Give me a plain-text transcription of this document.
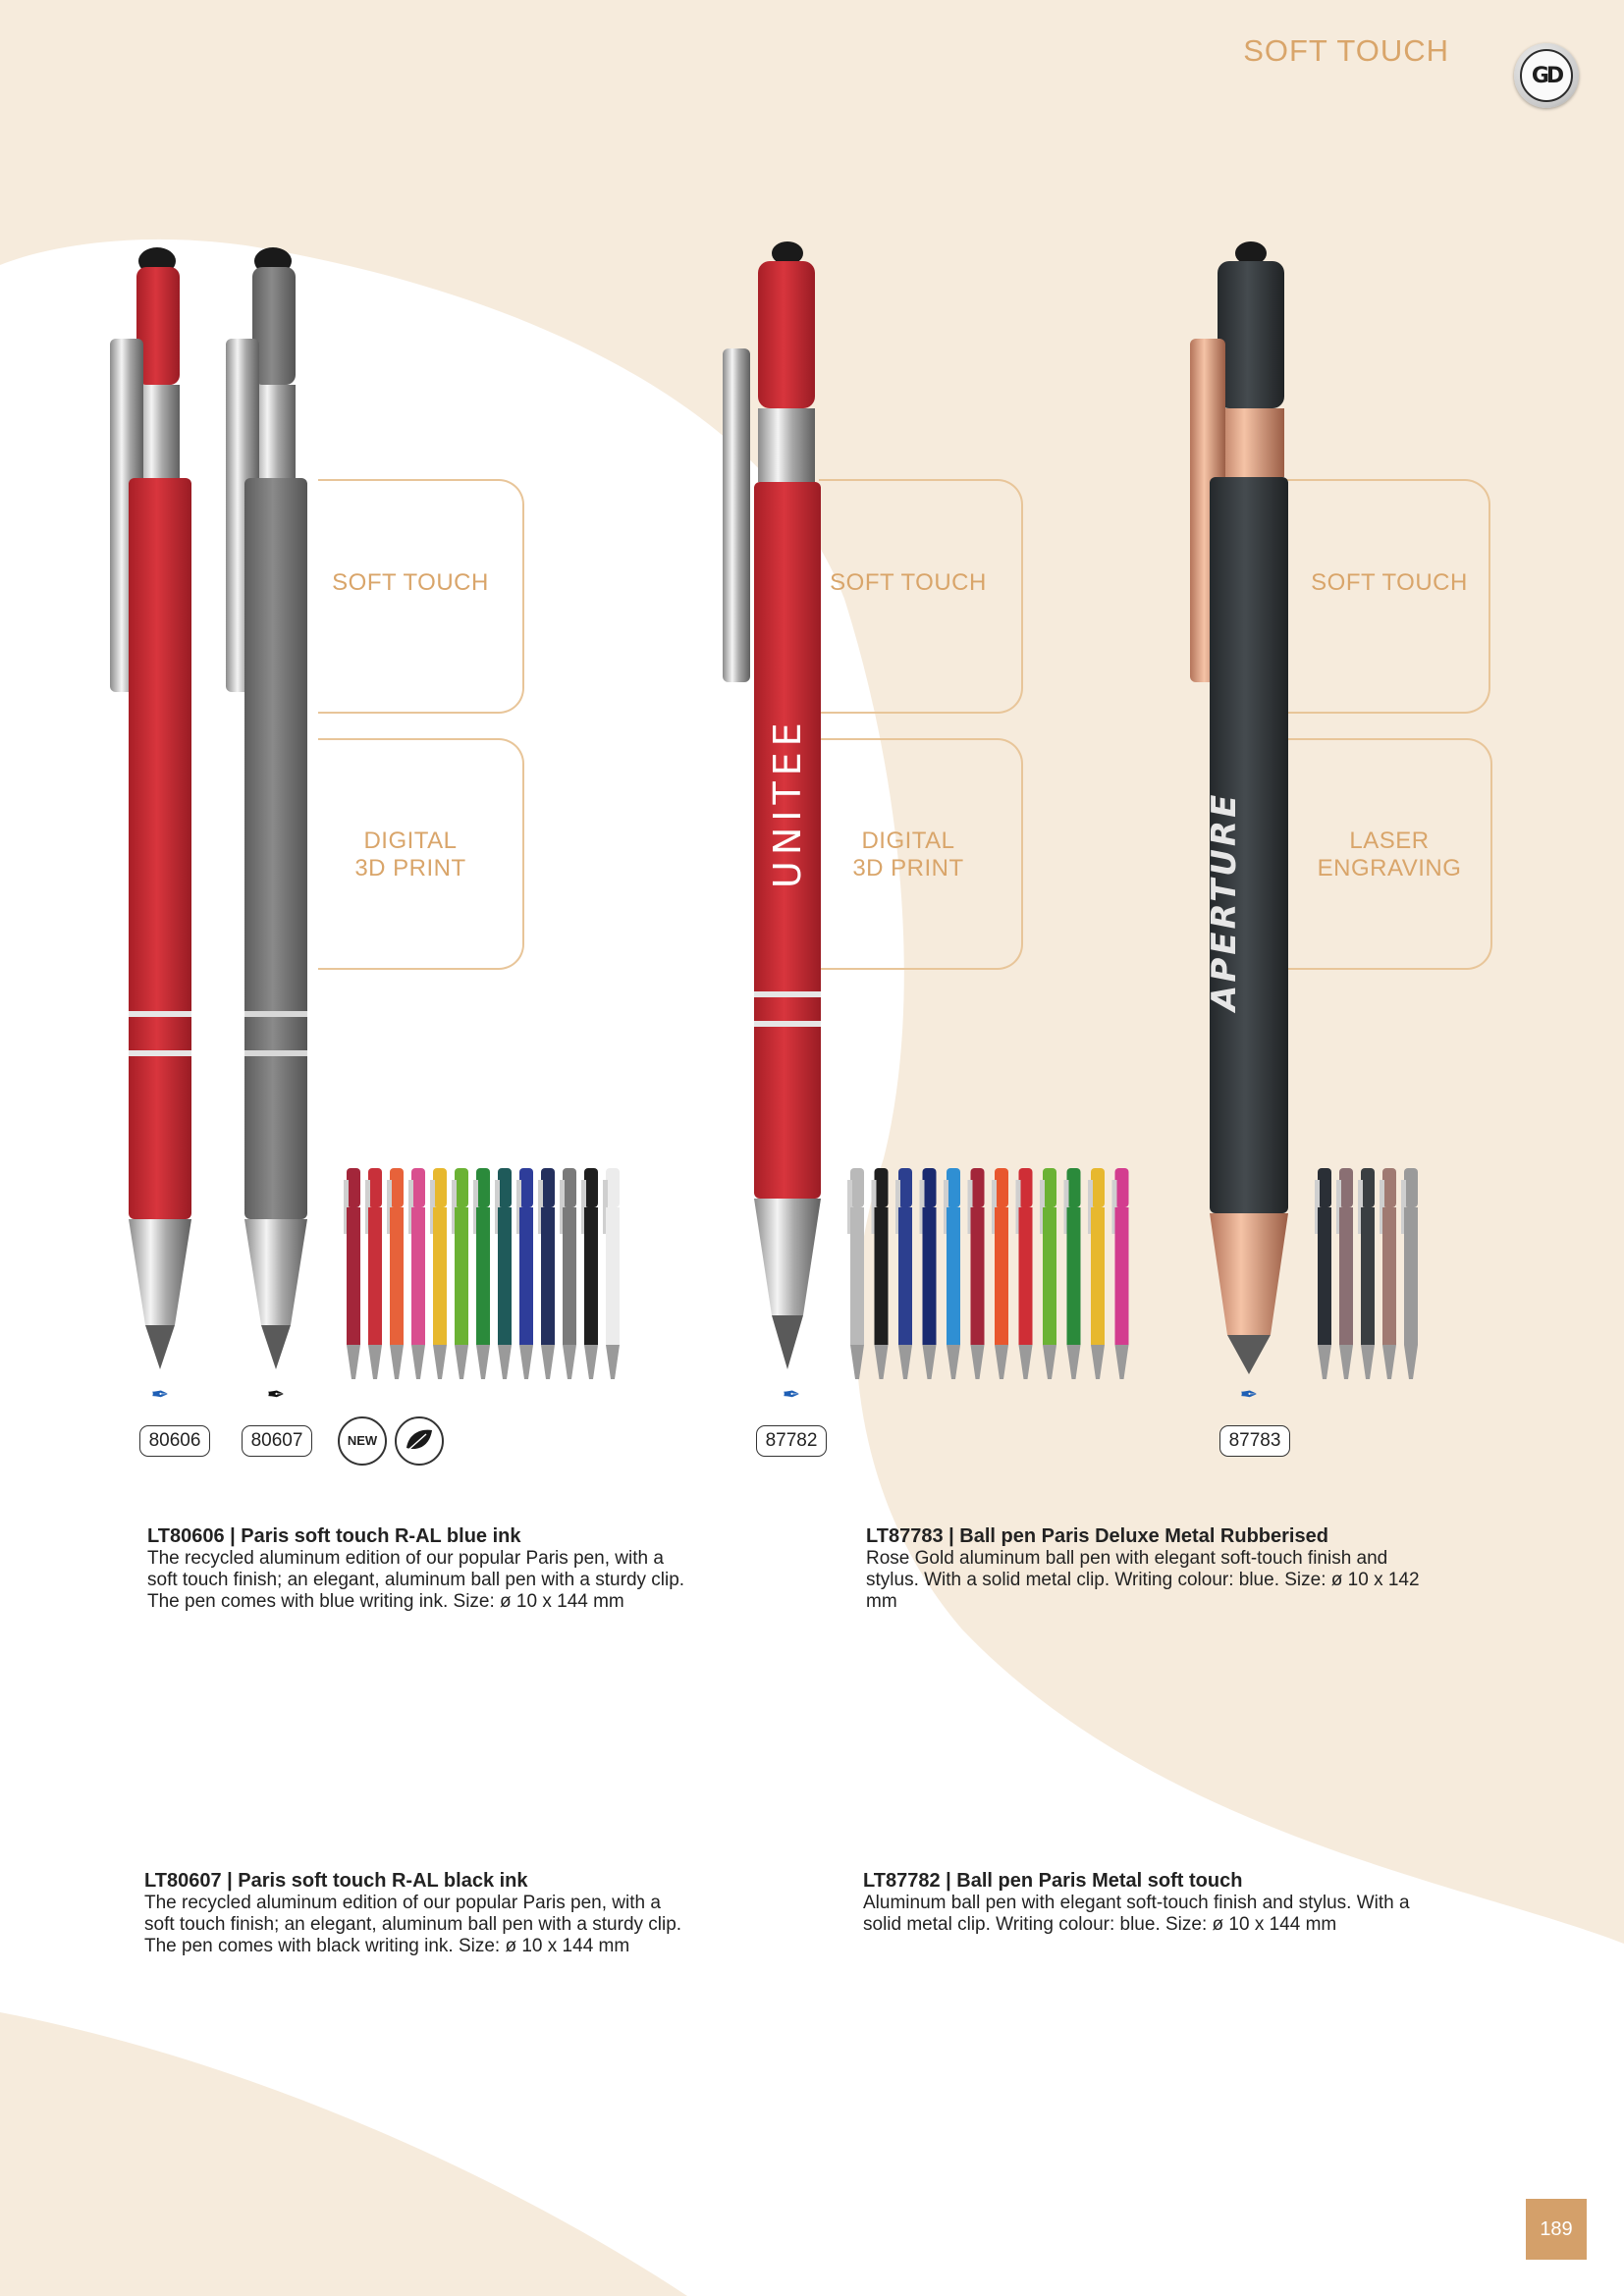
SOFT TOUCH
GD
SOFT TOUCH
DIGITAL
3D PRINT
SOFT TOUCH
DIGITAL
3D PRINT
SOFT TOUCH
LASER
ENGRAVING
✒	✒	✒
UNITEE
✒
APERTURE
80606	80607	NEW	87782	87783
LT80606 | Paris soft touch R-AL blue ink
The recycled aluminum edition of our popular Paris pen, with a
soft touch finish; an elegant, aluminum ball pen with a sturdy clip.
The pen comes with blue writing ink. Size: ø 10 x 144 mm
LT87783 | Ball pen Paris Deluxe Metal Rubberised
Rose Gold aluminum ball pen with elegant soft-touch finish and
stylus. With a solid metal clip. Writing colour: blue. Size: ø 10 x 142
mm
LT80607 | Paris soft touch R-AL black ink
The recycled aluminum edition of our popular Paris pen, with a
soft touch finish; an elegant, aluminum ball pen with a sturdy clip.
The pen comes with black writing ink. Size: ø 10 x 144 mm
LT87782 | Ball pen Paris Metal soft touch
Aluminum ball pen with elegant soft-touch finish and stylus. With a
solid metal clip. Writing colour: blue. Size: ø 10 x 144 mm
189
